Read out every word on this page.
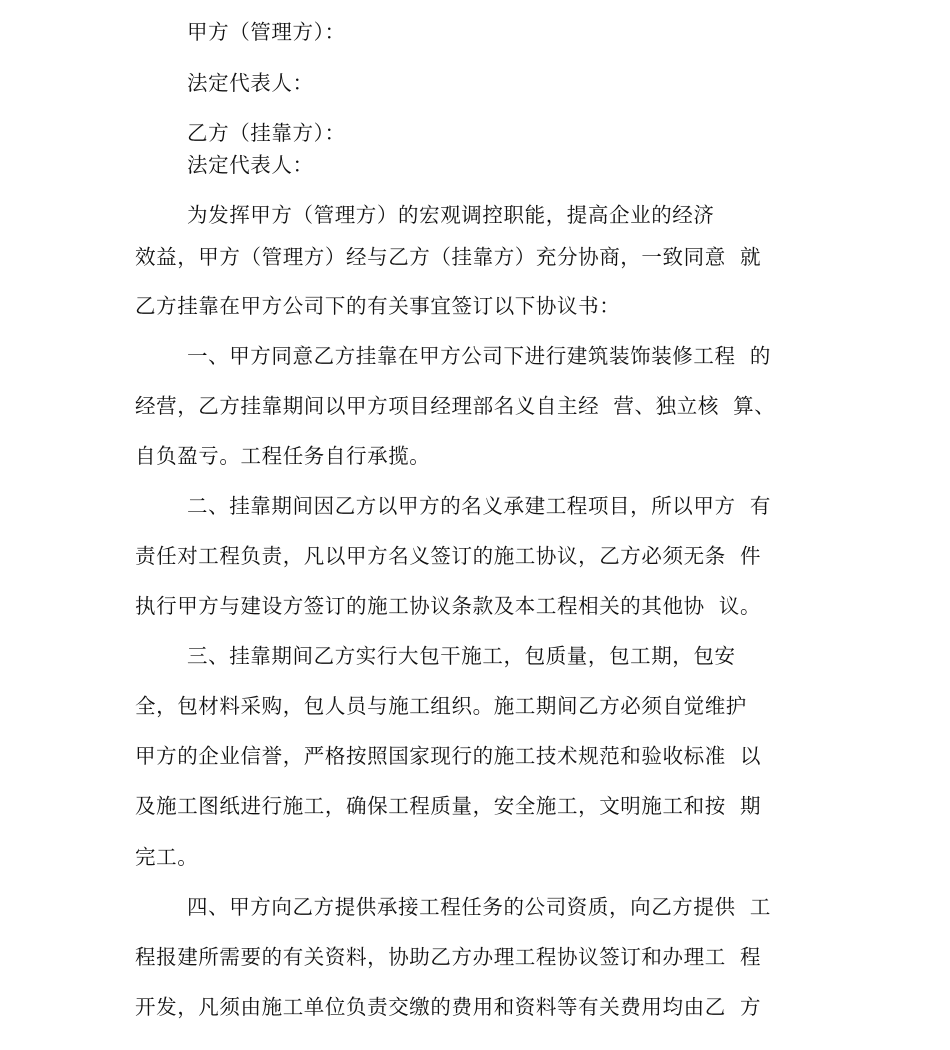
甲方（管理方）：
法定代表人：
乙方（挂靠方）：
法定代表人：
为发挥甲方（管理方）的宏观调控职能，提高企业的经济
效益，甲方（管理方）经与乙方（挂靠方）充分协商，一致同意  就
乙方挂靠在甲方公司下的有关事宜签订以下协议书：
一、甲方同意乙方挂靠在甲方公司下进行建筑装饰装修工程  的
经营，乙方挂靠期间以甲方项目经理部名义自主经  营、独立核  算、
自负盈亏。工程任务自行承揽。
二、挂靠期间因乙方以甲方的名义承建工程项目，所以甲方  有
责任对工程负责，凡以甲方名义签订的施工协议，乙方必须无条  件
执行甲方与建设方签订的施工协议条款及本工程相关的其他协  议。
三、挂靠期间乙方实行大包干施工，包质量，包工期，包安
全，包材料采购，包人员与施工组织。施工期间乙方必须自觉维护
甲方的企业信誉，严格按照国家现行的施工技术规范和验收标准  以
及施工图纸进行施工，确保工程质量，安全施工，文明施工和按  期
完工。
四、甲方向乙方提供承接工程任务的公司资质，向乙方提供  工
程报建所需要的有关资料，协助乙方办理工程协议签订和办理工  程
开发，凡须由施工单位负责交缴的费用和资料等有关费用均由乙  方
